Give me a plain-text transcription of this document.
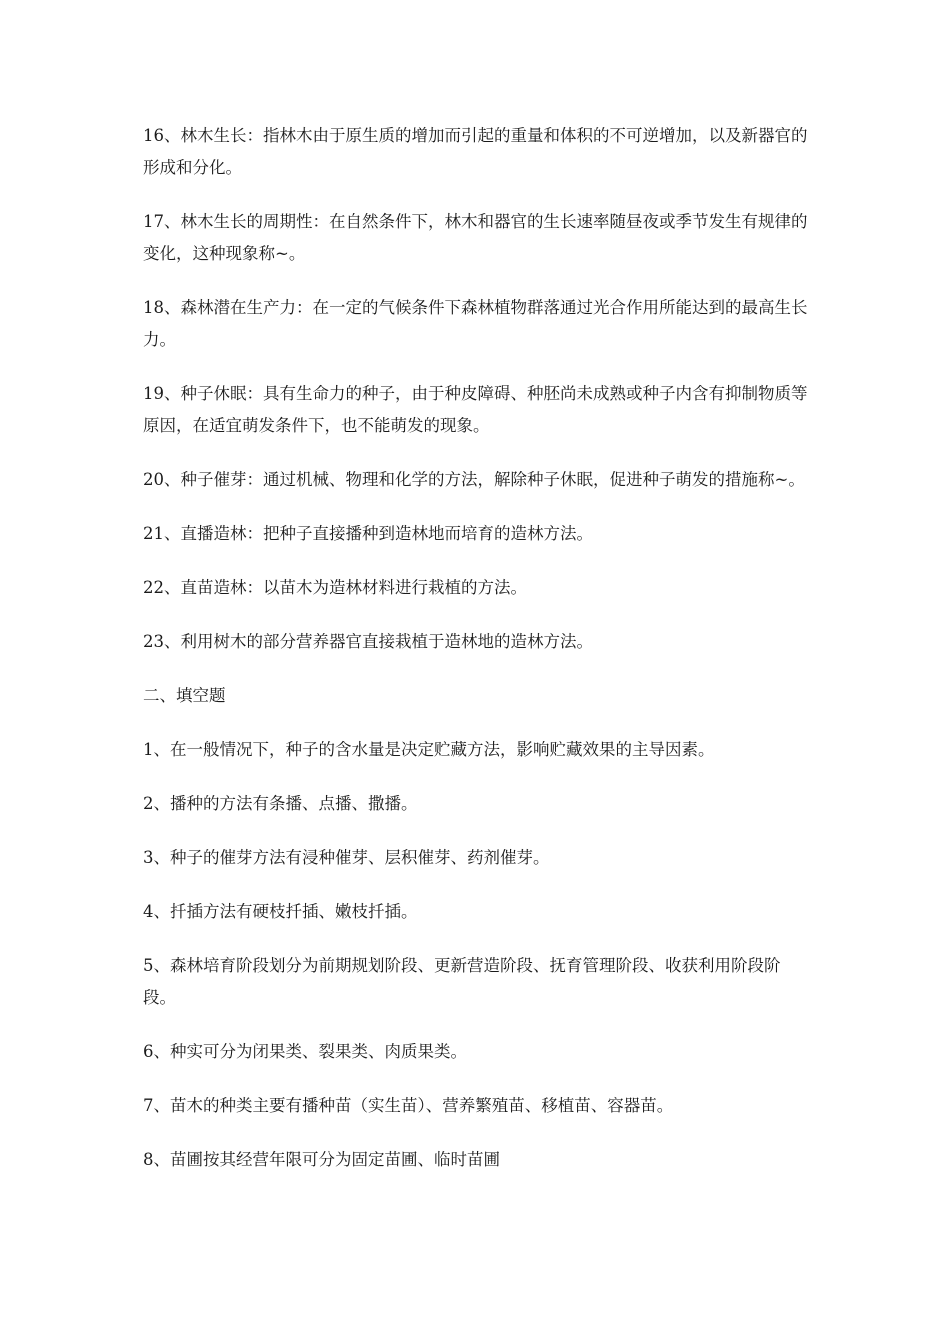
16、林木生长：指林木由于原生质的增加而引起的重量和体积的不可逆增加，以及新器官的形成和分化。

17、林木生长的周期性：在自然条件下，林木和器官的生长速率随昼夜或季节发生有规律的变化，这种现象称~。

18、森林潜在生产力：在一定的气候条件下森林植物群落通过光合作用所能达到的最高生长力。

19、种子休眠：具有生命力的种子，由于种皮障碍、种胚尚未成熟或种子内含有抑制物质等原因，在适宜萌发条件下，也不能萌发的现象。

20、种子催芽：通过机械、物理和化学的方法，解除种子休眠，促进种子萌发的措施称~。

21、直播造林：把种子直接播种到造林地而培育的造林方法。

22、直苗造林：以苗木为造林材料进行栽植的方法。

23、利用树木的部分营养器官直接栽植于造林地的造林方法。

二、填空题

1、在一般情况下，种子的含水量是决定贮藏方法，影响贮藏效果的主导因素。

2、播种的方法有条播、点播、撒播。

3、种子的催芽方法有浸种催芽、层积催芽、药剂催芽。

4、扦插方法有硬枝扦插、嫩枝扦插。

5、森林培育阶段划分为前期规划阶段、更新营造阶段、抚育管理阶段、收获利用阶段阶段。

6、种实可分为闭果类、裂果类、肉质果类。

7、苗木的种类主要有播种苗（实生苗）、营养繁殖苗、移植苗、容器苗。

8、苗圃按其经营年限可分为固定苗圃、临时苗圃
